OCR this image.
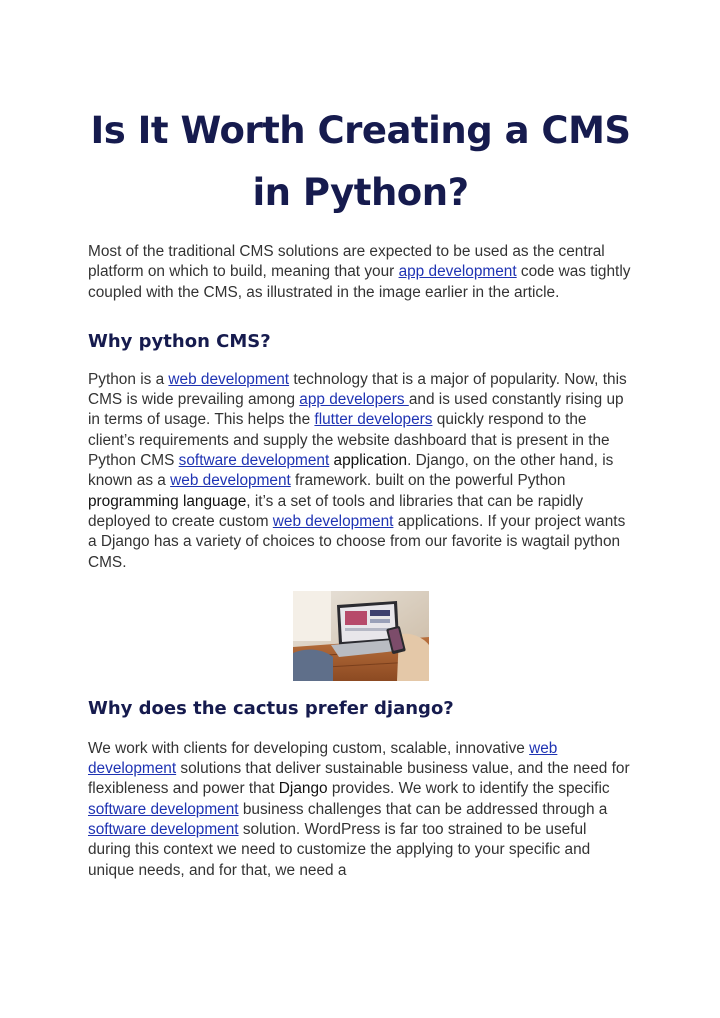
Is It Worth Creating a CMS in Python?

Most of the traditional CMS solutions are expected to be used as the central platform on which to build, meaning that your app development code was tightly coupled with the CMS, as illustrated in the image earlier in the article.

Why python CMS?

Python is a web development technology that is a major of popularity. Now, this CMS is wide prevailing among app developers and is used constantly rising up in terms of usage. This helps the flutter developers quickly respond to the client’s requirements and supply the website dashboard that is present in the Python CMS software development application. Django, on the other hand, is known as a web development framework. built on the powerful Python programming language, it’s a set of tools and libraries that can be rapidly deployed to create custom web development applications. If your project wants a Django has a variety of choices to choose from our favorite is wagtail python CMS.

Why does the cactus prefer django?

We work with clients for developing custom, scalable, innovative web development solutions that deliver sustainable business value, and the need for flexibleness and power that Django provides. We work to identify the specific software development business challenges that can be addressed through a software development solution. WordPress is far too strained to be useful during this context we need to customize the applying to your specific and unique needs, and for that, we need a
